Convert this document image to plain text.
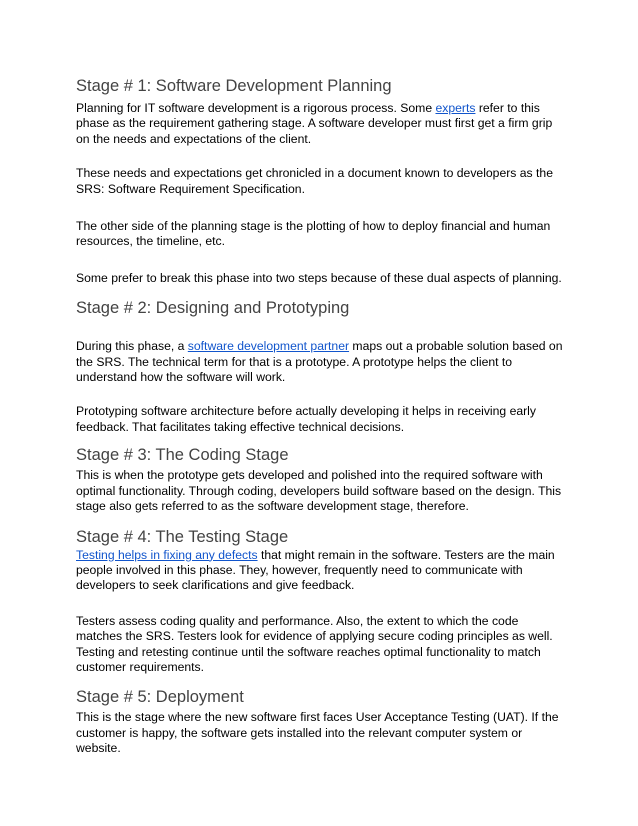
Stage # 1: Software Development Planning

Planning for IT software development is a rigorous process. Some experts refer to this phase as the requirement gathering stage. A software developer must first get a firm grip on the needs and expectations of the client.

These needs and expectations get chronicled in a document known to developers as the SRS: Software Requirement Specification.

The other side of the planning stage is the plotting of how to deploy financial and human resources, the timeline, etc.

Some prefer to break this phase into two steps because of these dual aspects of planning.

Stage # 2: Designing and Prototyping

During this phase, a software development partner maps out a probable solution based on the SRS. The technical term for that is a prototype. A prototype helps the client to understand how the software will work.

Prototyping software architecture before actually developing it helps in receiving early feedback. That facilitates taking effective technical decisions.

Stage # 3: The Coding Stage

This is when the prototype gets developed and polished into the required software with optimal functionality. Through coding, developers build software based on the design. This stage also gets referred to as the software development stage, therefore.

Stage # 4: The Testing Stage

Testing helps in fixing any defects that might remain in the software. Testers are the main people involved in this phase. They, however, frequently need to communicate with developers to seek clarifications and give feedback.

Testers assess coding quality and performance. Also, the extent to which the code matches the SRS. Testers look for evidence of applying secure coding principles as well.

Testing and retesting continue until the software reaches optimal functionality to match customer requirements.

Stage # 5: Deployment

This is the stage where the new software first faces User Acceptance Testing (UAT). If the customer is happy, the software gets installed into the relevant computer system or website.
